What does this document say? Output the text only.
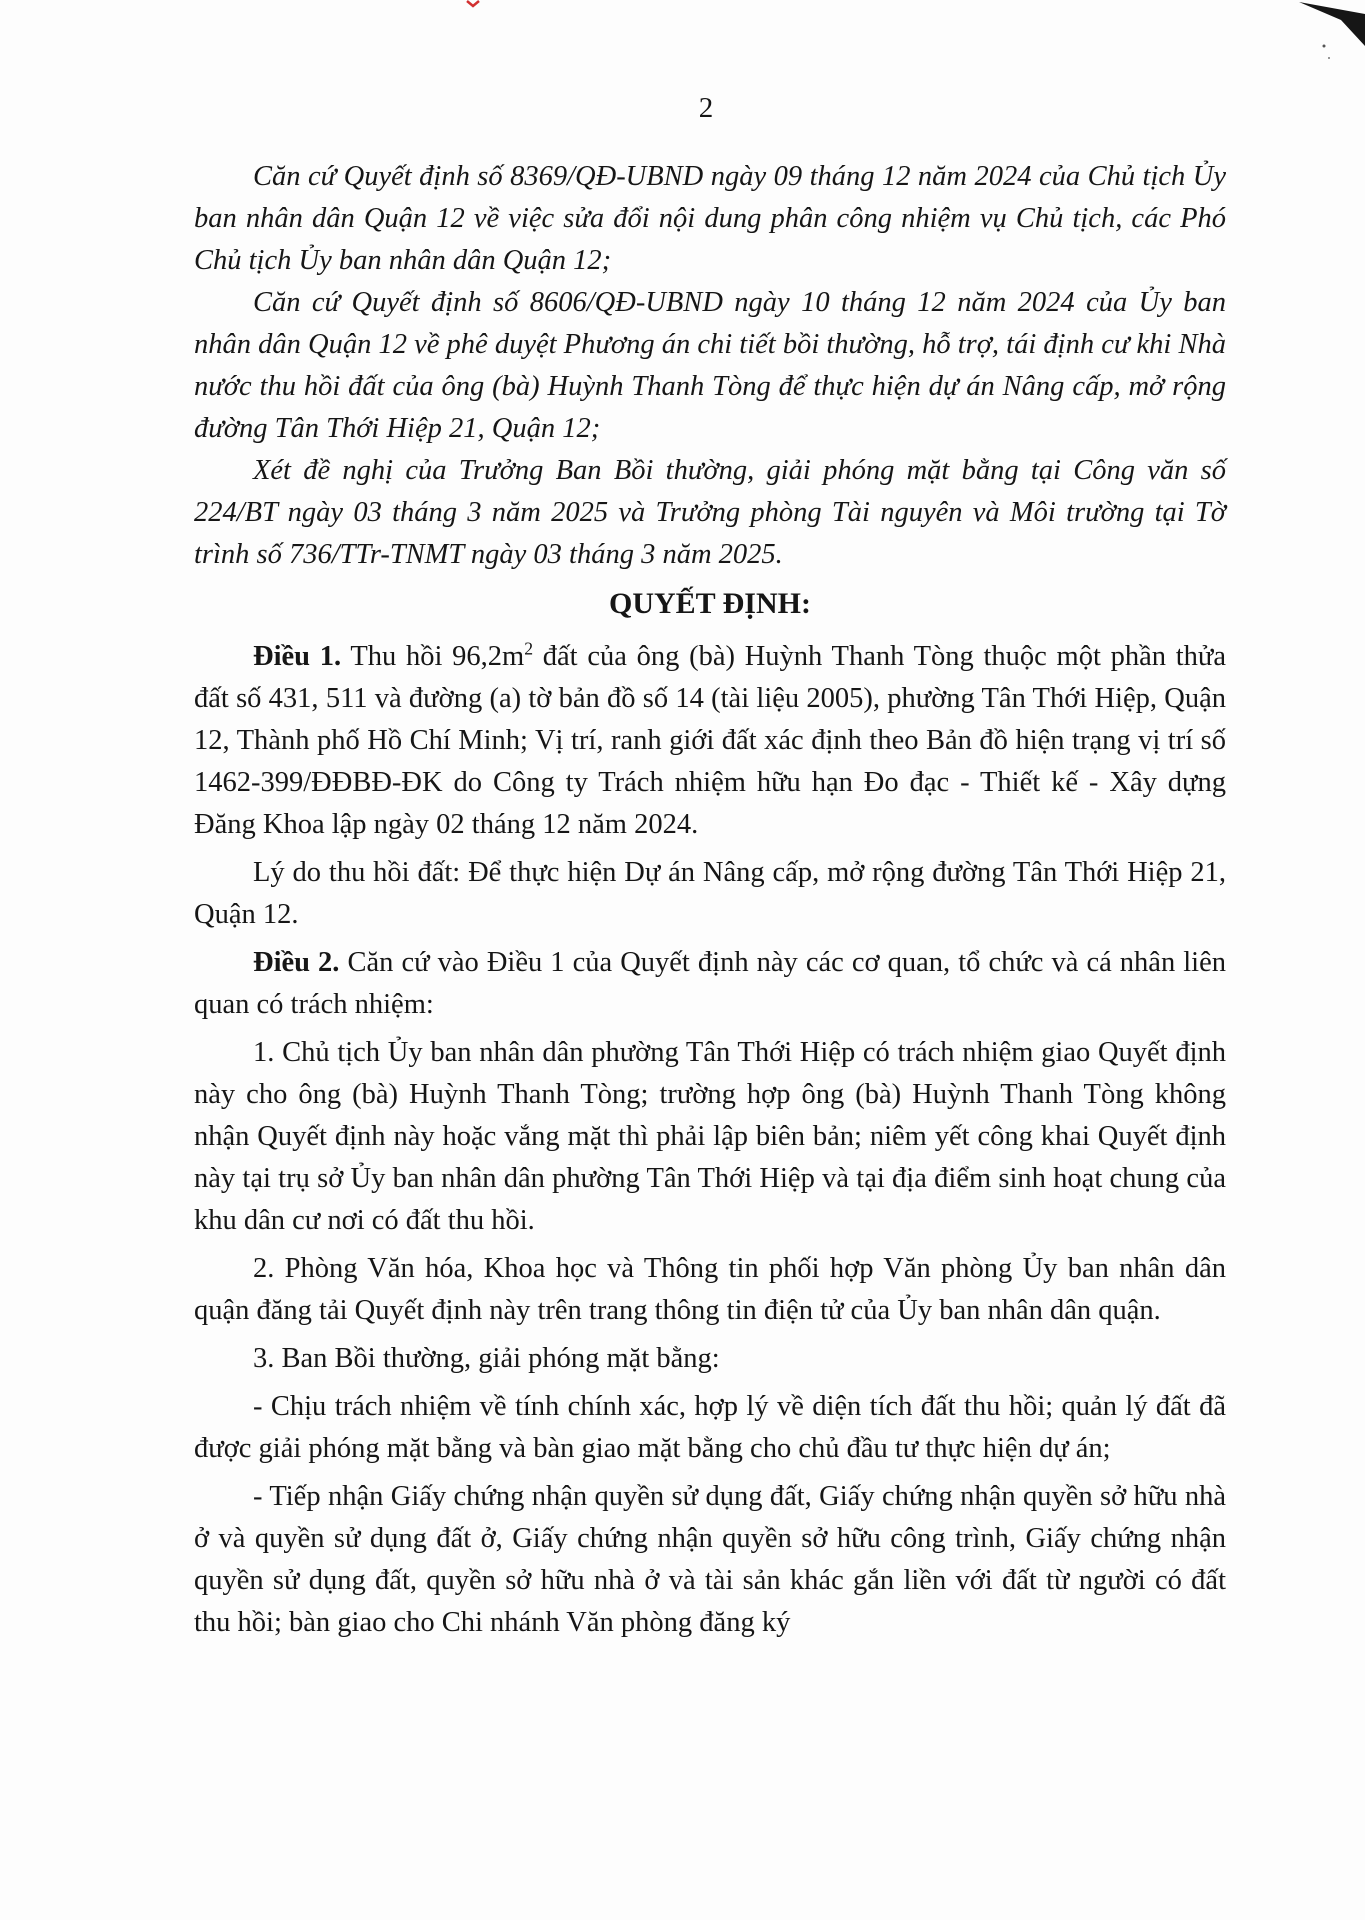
2

Căn cứ Quyết định số 8369/QĐ-UBND ngày 09 tháng 12 năm 2024 của Chủ tịch Ủy ban nhân dân Quận 12 về việc sửa đổi nội dung phân công nhiệm vụ Chủ tịch, các Phó Chủ tịch Ủy ban nhân dân Quận 12;

Căn cứ Quyết định số 8606/QĐ-UBND ngày 10 tháng 12 năm 2024 của Ủy ban nhân dân Quận 12 về phê duyệt Phương án chi tiết bồi thường, hỗ trợ, tái định cư khi Nhà nước thu hồi đất của ông (bà) Huỳnh Thanh Tòng để thực hiện dự án Nâng cấp, mở rộng đường Tân Thới Hiệp 21, Quận 12;

Xét đề nghị của Trưởng Ban Bồi thường, giải phóng mặt bằng tại Công văn số 224/BT ngày 03 tháng 3 năm 2025 và Trưởng phòng Tài nguyên và Môi trường tại Tờ trình số 736/TTr-TNMT ngày 03 tháng 3 năm 2025.

QUYẾT ĐỊNH:

Điều 1. Thu hồi $96,2m^2$ đất của ông (bà) Huỳnh Thanh Tòng thuộc một phần thửa đất số 431, 511 và đường (a) tờ bản đồ số 14 (tài liệu 2005), phường Tân Thới Hiệp, Quận 12, Thành phố Hồ Chí Minh; Vị trí, ranh giới đất xác định theo Bản đồ hiện trạng vị trí số 1462-399/ĐĐBĐ-ĐK do Công ty Trách nhiệm hữu hạn Đo đạc - Thiết kế - Xây dựng Đăng Khoa lập ngày 02 tháng 12 năm 2024.

Lý do thu hồi đất: Để thực hiện Dự án Nâng cấp, mở rộng đường Tân Thới Hiệp 21, Quận 12.

Điều 2. Căn cứ vào Điều 1 của Quyết định này các cơ quan, tổ chức và cá nhân liên quan có trách nhiệm:

1. Chủ tịch Ủy ban nhân dân phường Tân Thới Hiệp có trách nhiệm giao Quyết định này cho ông (bà) Huỳnh Thanh Tòng; trường hợp ông (bà) Huỳnh Thanh Tòng không nhận Quyết định này hoặc vắng mặt thì phải lập biên bản; niêm yết công khai Quyết định này tại trụ sở Ủy ban nhân dân phường Tân Thới Hiệp và tại địa điểm sinh hoạt chung của khu dân cư nơi có đất thu hồi.

2. Phòng Văn hóa, Khoa học và Thông tin phối hợp Văn phòng Ủy ban nhân dân quận đăng tải Quyết định này trên trang thông tin điện tử của Ủy ban nhân dân quận.

3. Ban Bồi thường, giải phóng mặt bằng:

- Chịu trách nhiệm về tính chính xác, hợp lý về diện tích đất thu hồi; quản lý đất đã được giải phóng mặt bằng và bàn giao mặt bằng cho chủ đầu tư thực hiện dự án;

- Tiếp nhận Giấy chứng nhận quyền sử dụng đất, Giấy chứng nhận quyền sở hữu nhà ở và quyền sử dụng đất ở, Giấy chứng nhận quyền sở hữu công trình, Giấy chứng nhận quyền sử dụng đất, quyền sở hữu nhà ở và tài sản khác gắn liền với đất từ người có đất thu hồi; bàn giao cho Chi nhánh Văn phòng đăng ký
